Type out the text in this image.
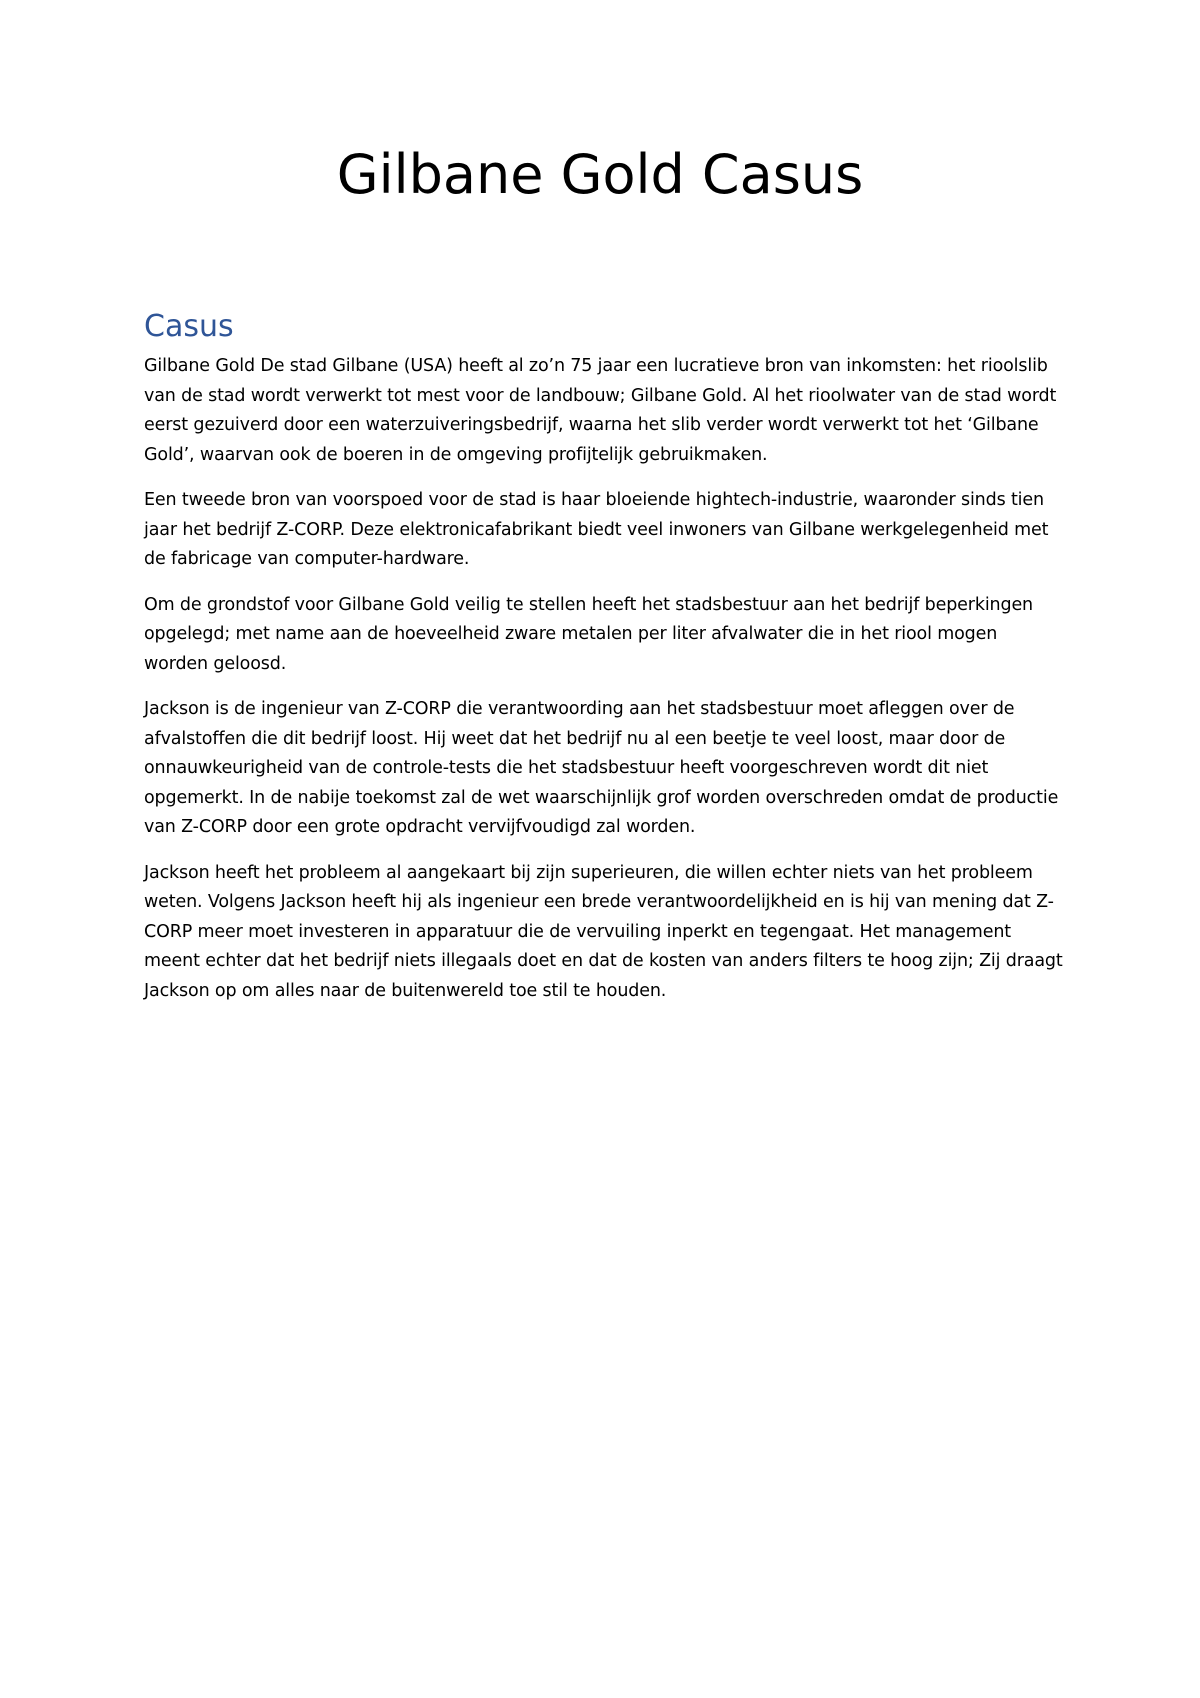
Gilbane Gold Casus
Casus

Gilbane Gold De stad Gilbane (USA) heeft al zo’n 75 jaar een lucratieve bron van inkomsten: het rioolslib van de stad wordt verwerkt tot mest voor de landbouw; Gilbane Gold. Al het rioolwater van de stad wordt eerst gezuiverd door een waterzuiveringsbedrijf, waarna het slib verder wordt verwerkt tot het ‘Gilbane Gold’, waarvan ook de boeren in de omgeving profijtelijk gebruikmaken.

Een tweede bron van voorspoed voor de stad is haar bloeiende hightech-industrie, waaronder sinds tien jaar het bedrijf Z-CORP. Deze elektronicafabrikant biedt veel inwoners van Gilbane werkgelegenheid met de fabricage van computer-hardware.

Om de grondstof voor Gilbane Gold veilig te stellen heeft het stadsbestuur aan het bedrijf beperkingen opgelegd; met name aan de hoeveelheid zware metalen per liter afvalwater die in het riool mogen worden geloosd.

Jackson is de ingenieur van Z-CORP die verantwoording aan het stadsbestuur moet afleggen over de afvalstoffen die dit bedrijf loost. Hij weet dat het bedrijf nu al een beetje te veel loost, maar door de onnauwkeurigheid van de controle-tests die het stadsbestuur heeft voorgeschreven wordt dit niet opgemerkt. In de nabije toekomst zal de wet waarschijnlijk grof worden overschreden omdat de productie van Z-CORP door een grote opdracht vervijfvoudigd zal worden.

Jackson heeft het probleem al aangekaart bij zijn superieuren, die willen echter niets van het probleem weten. Volgens Jackson heeft hij als ingenieur een brede verantwoordelijkheid en is hij van mening dat Z-CORP meer moet investeren in apparatuur die de vervuiling inperkt en tegengaat. Het management meent echter dat het bedrijf niets illegaals doet en dat de kosten van anders filters te hoog zijn; Zij draagt Jackson op om alles naar de buitenwereld toe stil te houden.
